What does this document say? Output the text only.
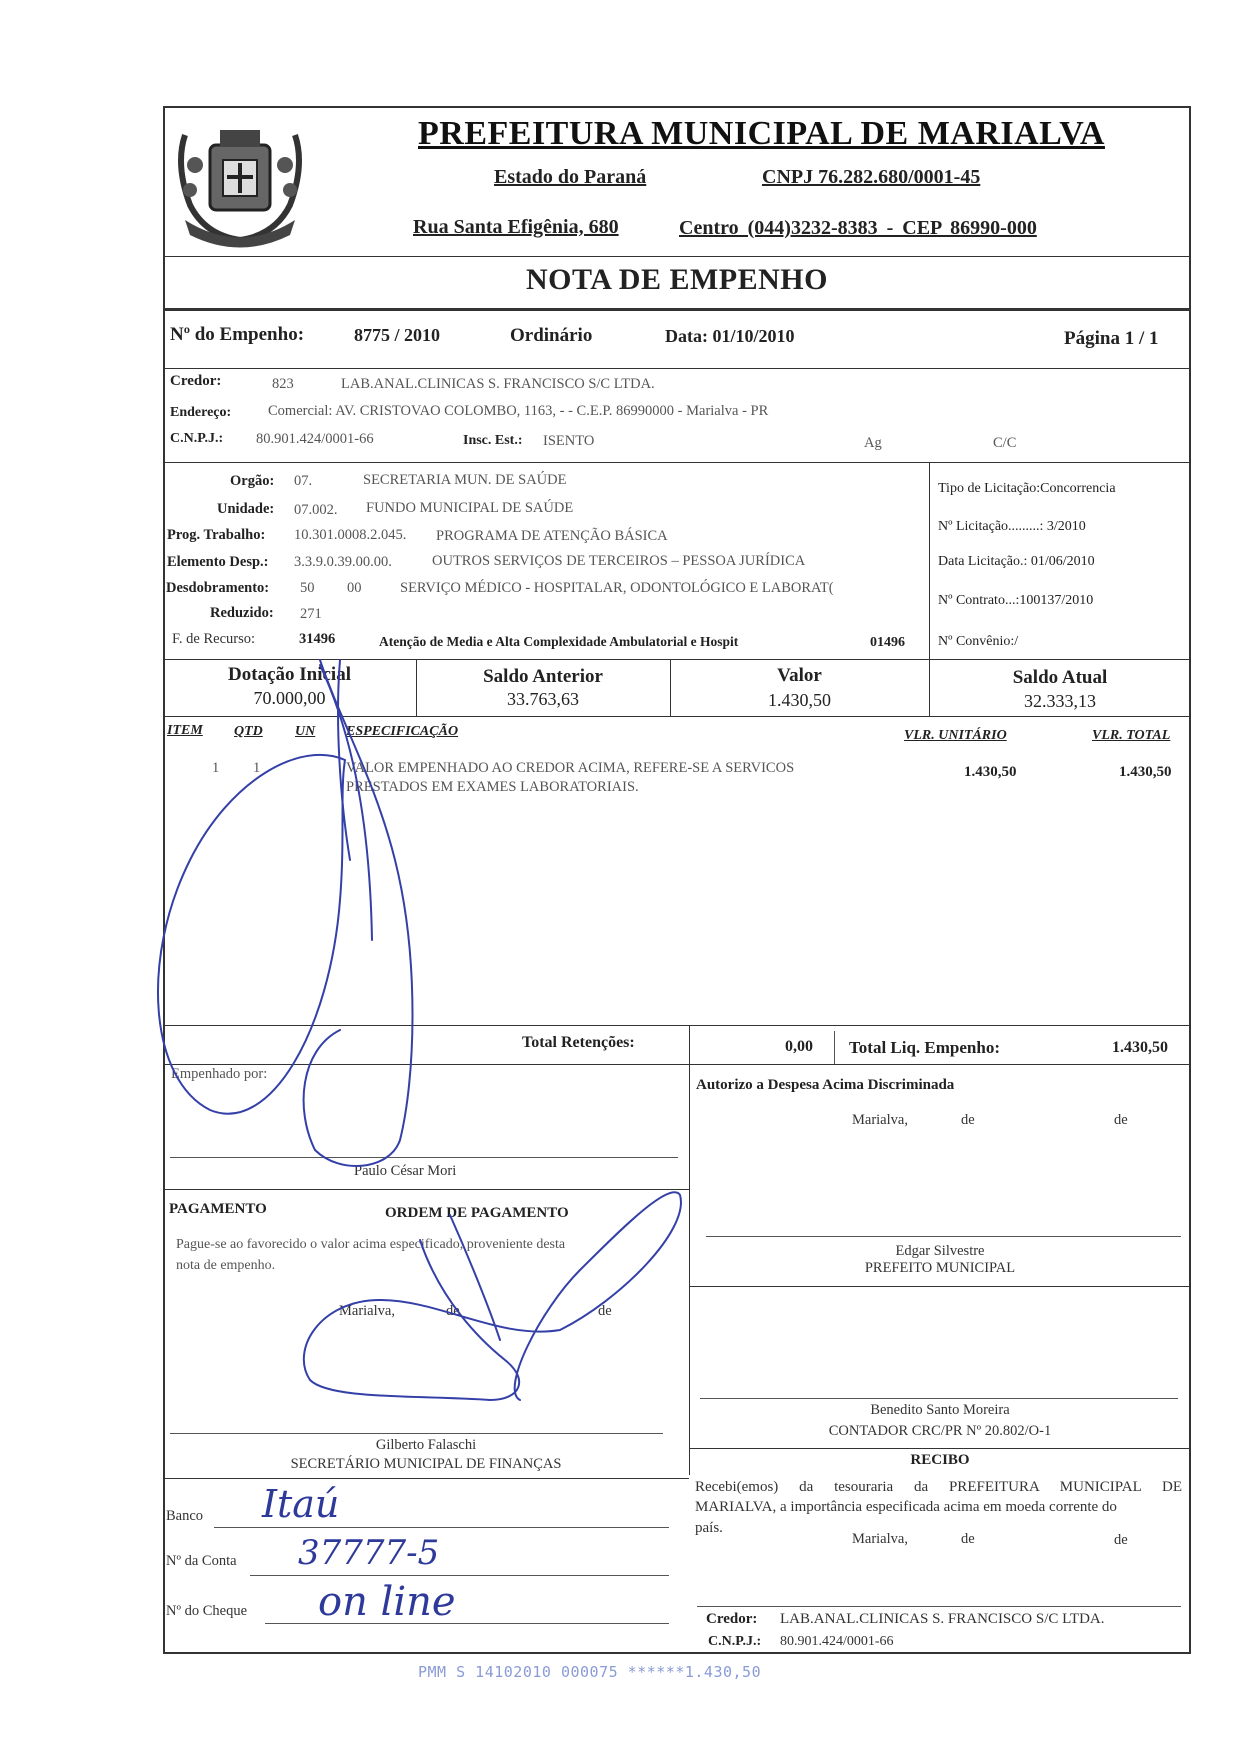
PREFEITURA MUNICIPAL DE MARIALVA
Estado do Paraná	CNPJ 76.282.680/0001-45
Rua Santa Efigênia, 680	Centro (044)3232-8383 - CEP 86990-000
NOTA DE EMPENHO
Nº do Empenho:	8775 / 2010	Ordinário	Data: 01/10/2010	Página 1 / 1
Credor:	823	LAB.ANAL.CLINICAS S. FRANCISCO S/C LTDA.
Endereço:	Comercial: AV. CRISTOVAO COLOMBO, 1163, - - C.E.P. 86990000 - Marialva - PR
C.N.P.J.: 80.901.424/0001-66	Insc. Est.: ISENTO	Ag	C/C
Orgão: 07.	SECRETARIA MUN. DE SAÚDE
Unidade: 07.002. FUNDO MUNICIPAL DE SAÚDE
Prog. Trabalho: 10.301.0008.2.045. PROGRAMA DE ATENÇÃO BÁSICA
Elemento Desp.: 3.3.9.0.39.00.00.	OUTROS SERVIÇOS DE TERCEIROS – PESSOA JURÍDICA
Desdobramento: 50 00	SERVIÇO MÉDICO - HOSPITALAR, ODONTOLÓGICO E LABORAT(
Reduzido: 271
F. de Recurso:	31496	Atenção de Media e Alta Complexidade Ambulatorial e Hospit	01496
Tipo de Licitação:Concorrencia
Nº Licitação.........: 3/2010
Data Licitação.: 01/06/2010
Nº Contrato...:100137/2010
Nº Convênio:/
Dotação Inicial
70.000,00
Saldo Anterior
33.763,63
Valor
1.430,50
Saldo Atual
32.333,13
ITEM QTD UN ESPECIFICAÇÃO	VLR. UNITÁRIO	VLR. TOTAL
1 1	VALOR EMPENHADO AO CREDOR ACIMA, REFERE-SE A SERVICOS
PRESTADOS EM EXAMES LABORATORIAIS.
1.430,50	1.430,50
Total Retenções:	0,00 Total Liq. Empenho:	1.430,50
Empenhado por:
Paulo César Mori
Autorizo a Despesa Acima Discriminada
Marialva,	de	de
Edgar Silvestre
PREFEITO MUNICIPAL
Benedito Santo Moreira
CONTADOR CRC/PR Nº 20.802/O-1
PAGAMENTO	ORDEM DE PAGAMENTO
Pague-se ao favorecido o valor acima especificado, proveniente desta
nota de empenho.
Marialva,	de	de
Gilberto Falaschi
SECRETÁRIO MUNICIPAL DE FINANÇAS
Banco Itaú
Nº da Conta 37777-5
Nº do Cheque on line
RECIBO
Recebi(emos) da tesouraria da PREFEITURA MUNICIPAL DE
MARIALVA, a importância especificada acima em moeda corrente do
país.
Marialva,	de	de
Credor: LAB.ANAL.CLINICAS S. FRANCISCO S/C LTDA.
C.N.P.J.: 80.901.424/0001-66
PMM S 14102010 000075 ******1.430,50
